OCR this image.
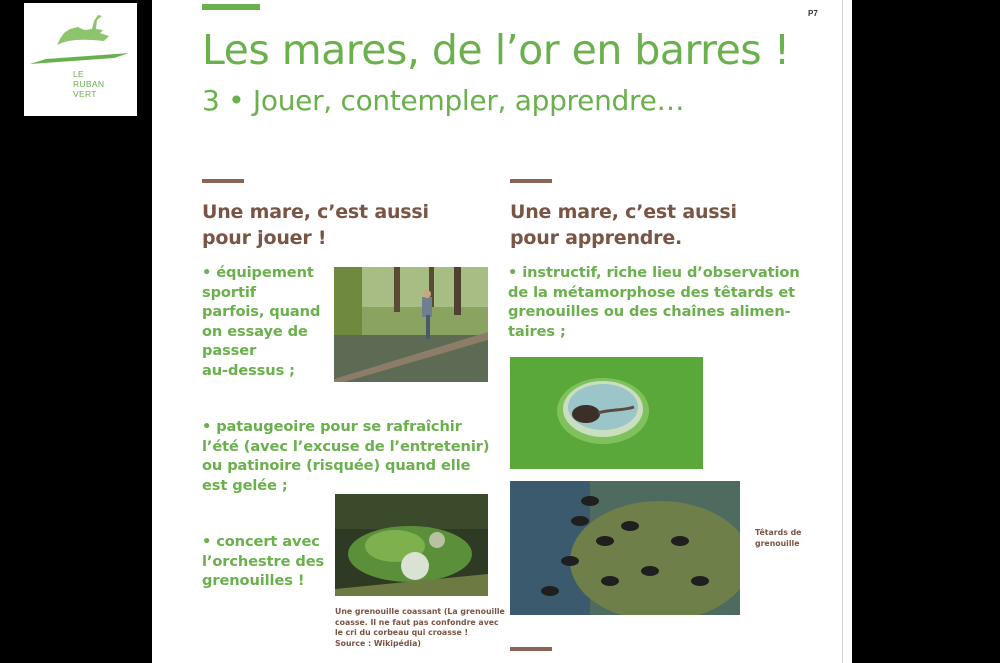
LE
RUBAN
VERT
P7
Les mares, de l’or en barres !
3 • Jouer, contempler, apprendre…
Une mare, c’est aussi
pour jouer !
• équipement
sportif
parfois, quand
on essaye de
passer
au-dessus ;
• pataugeoire pour se rafraîchir
l’été (avec l’excuse de l’entretenir)
ou patinoire (risquée) quand elle
est gelée ;
• concert avec
l’orchestre des
grenouilles !
Une grenouille coassant (La grenouille
coasse. Il ne faut pas confondre avec
le cri du corbeau qui croasse !
Source : Wikipédia)
Une mare, c’est aussi
pour apprendre.
• instructif, riche lieu d’observation
de la métamorphose des têtards et
grenouilles ou des chaînes alimen-
taires ;
Têtards de
grenouille
